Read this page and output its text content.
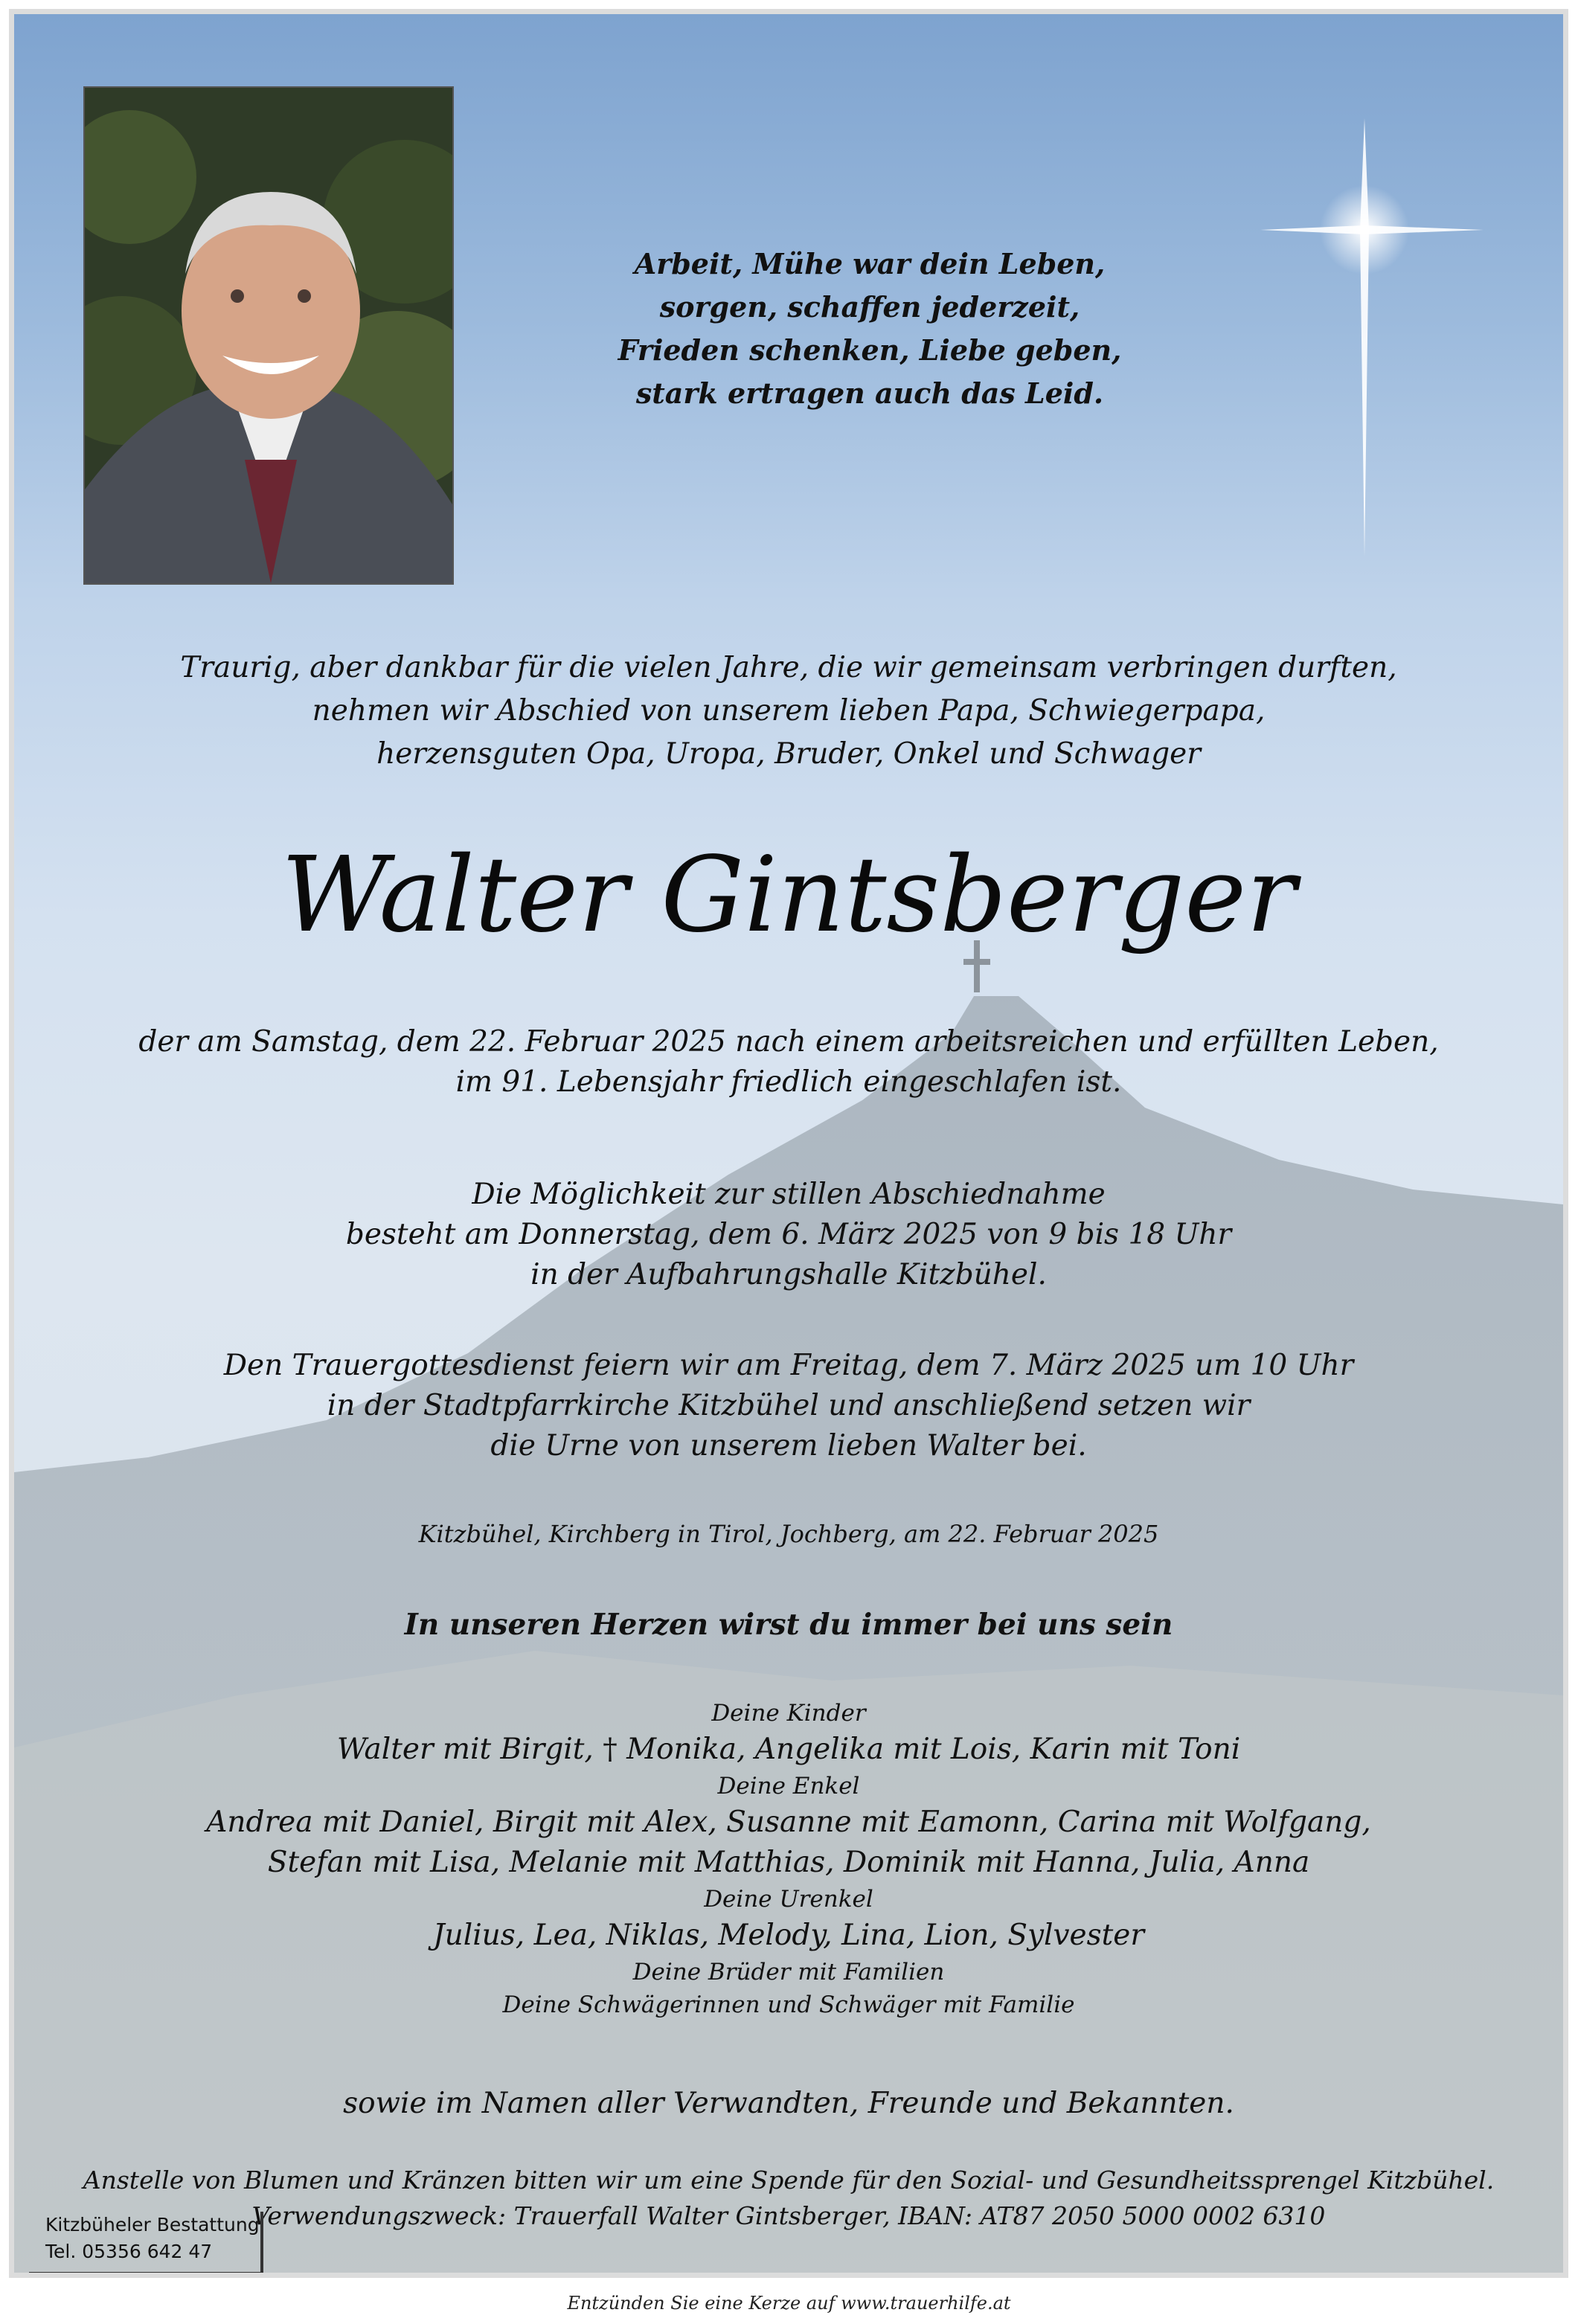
Arbeit, Mühe war dein Leben,
sorgen, schaffen jederzeit,
Frieden schenken, Liebe geben,
stark ertragen auch das Leid.
Traurig, aber dankbar für die vielen Jahre, die wir gemeinsam verbringen durften,
nehmen wir Abschied von unserem lieben Papa, Schwiegerpapa,
herzensguten Opa, Uropa, Bruder, Onkel und Schwager
Walter Gintsberger
der am Samstag, dem 22. Februar 2025 nach einem arbeitsreichen und erfüllten Leben,
im 91. Lebensjahr friedlich eingeschlafen ist.
Die Möglichkeit zur stillen Abschiednahme
besteht am Donnerstag, dem 6. März 2025 von 9 bis 18 Uhr
in der Aufbahrungshalle Kitzbühel.
Den Trauergottesdienst feiern wir am Freitag, dem 7. März 2025 um 10 Uhr
in der Stadtpfarrkirche Kitzbühel und anschließend setzen wir
die Urne von unserem lieben Walter bei.
Kitzbühel, Kirchberg in Tirol, Jochberg, am 22. Februar 2025
In unseren Herzen wirst du immer bei uns sein
Deine Kinder
Walter mit Birgit, † Monika, Angelika mit Lois, Karin mit Toni
Deine Enkel
Andrea mit Daniel, Birgit mit Alex, Susanne mit Eamonn, Carina mit Wolfgang,
Stefan mit Lisa, Melanie mit Matthias, Dominik mit Hanna, Julia, Anna
Deine Urenkel
Julius, Lea, Niklas, Melody, Lina, Lion, Sylvester
Deine Brüder mit Familien
Deine Schwägerinnen und Schwäger mit Familie
sowie im Namen aller Verwandten, Freunde und Bekannten.
Anstelle von Blumen und Kränzen bitten wir um eine Spende für den Sozial- und Gesundheitssprengel Kitzbühel.
Verwendungszweck: Trauerfall Walter Gintsberger, IBAN: AT87 2050 5000 0002 6310
Kitzbüheler Bestattung
Tel. 05356 642 47
Entzünden Sie eine Kerze auf www.trauerhilfe.at
